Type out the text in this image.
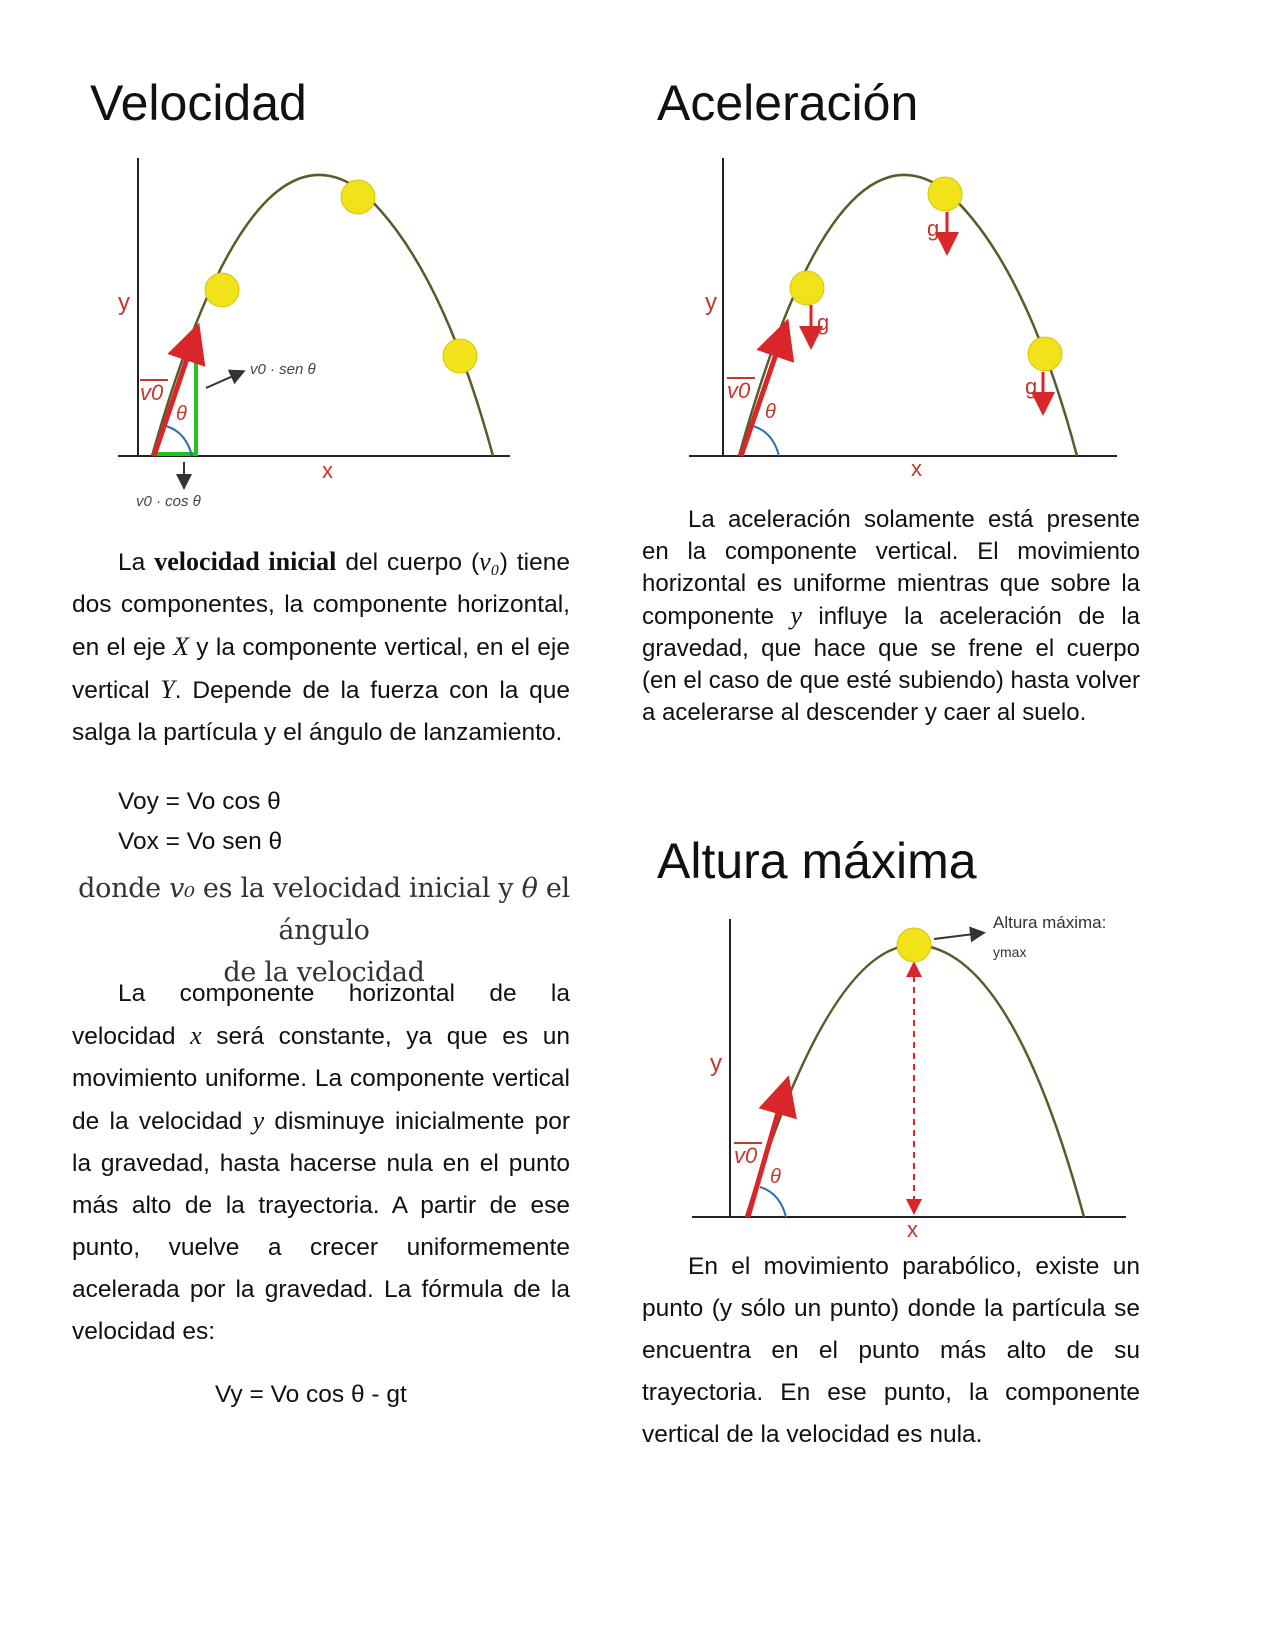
Velocidad
y
x
v0
θ
v0 · sen θ
v0 · cos θ

La velocidad inicial del cuerpo (v₀) tiene dos componentes, la componente horizontal, en el eje X y la componente vertical, en el eje vertical Y. Depende de la fuerza con la que salga la partícula y el ángulo de lanzamiento.

Voy = Vo cos θ

Vox = Vo sen θ

donde v₀ es la velocidad inicial y θ el ángulo
de la velocidad

La componente horizontal de la velocidad x será constante, ya que es un movimiento uniforme. La componente vertical de la velocidad y disminuye inicialmente por la gravedad, hasta hacerse nula en el punto más alto de la trayectoria. A partir de ese punto, vuelve a crecer uniformemente acelerada por la gravedad. La fórmula de la velocidad es:

Vy = Vo cos θ - gt

Aceleración
g
g
g
y
x
v0
θ

La aceleración solamente está presente en la componente vertical. El movimiento horizontal es uniforme mientras que sobre la componente y influye la aceleración de la gravedad, que hace que se frene el cuerpo (en el caso de que esté subiendo) hasta volver a acelerarse al descender y caer al suelo.

Altura máxima
Altura máxima:
ymax
y
x
v0
θ

En el movimiento parabólico, existe un punto (y sólo un punto) donde la partícula se encuentra en el punto más alto de su trayectoria. En ese punto, la componente vertical de la velocidad es nula.
